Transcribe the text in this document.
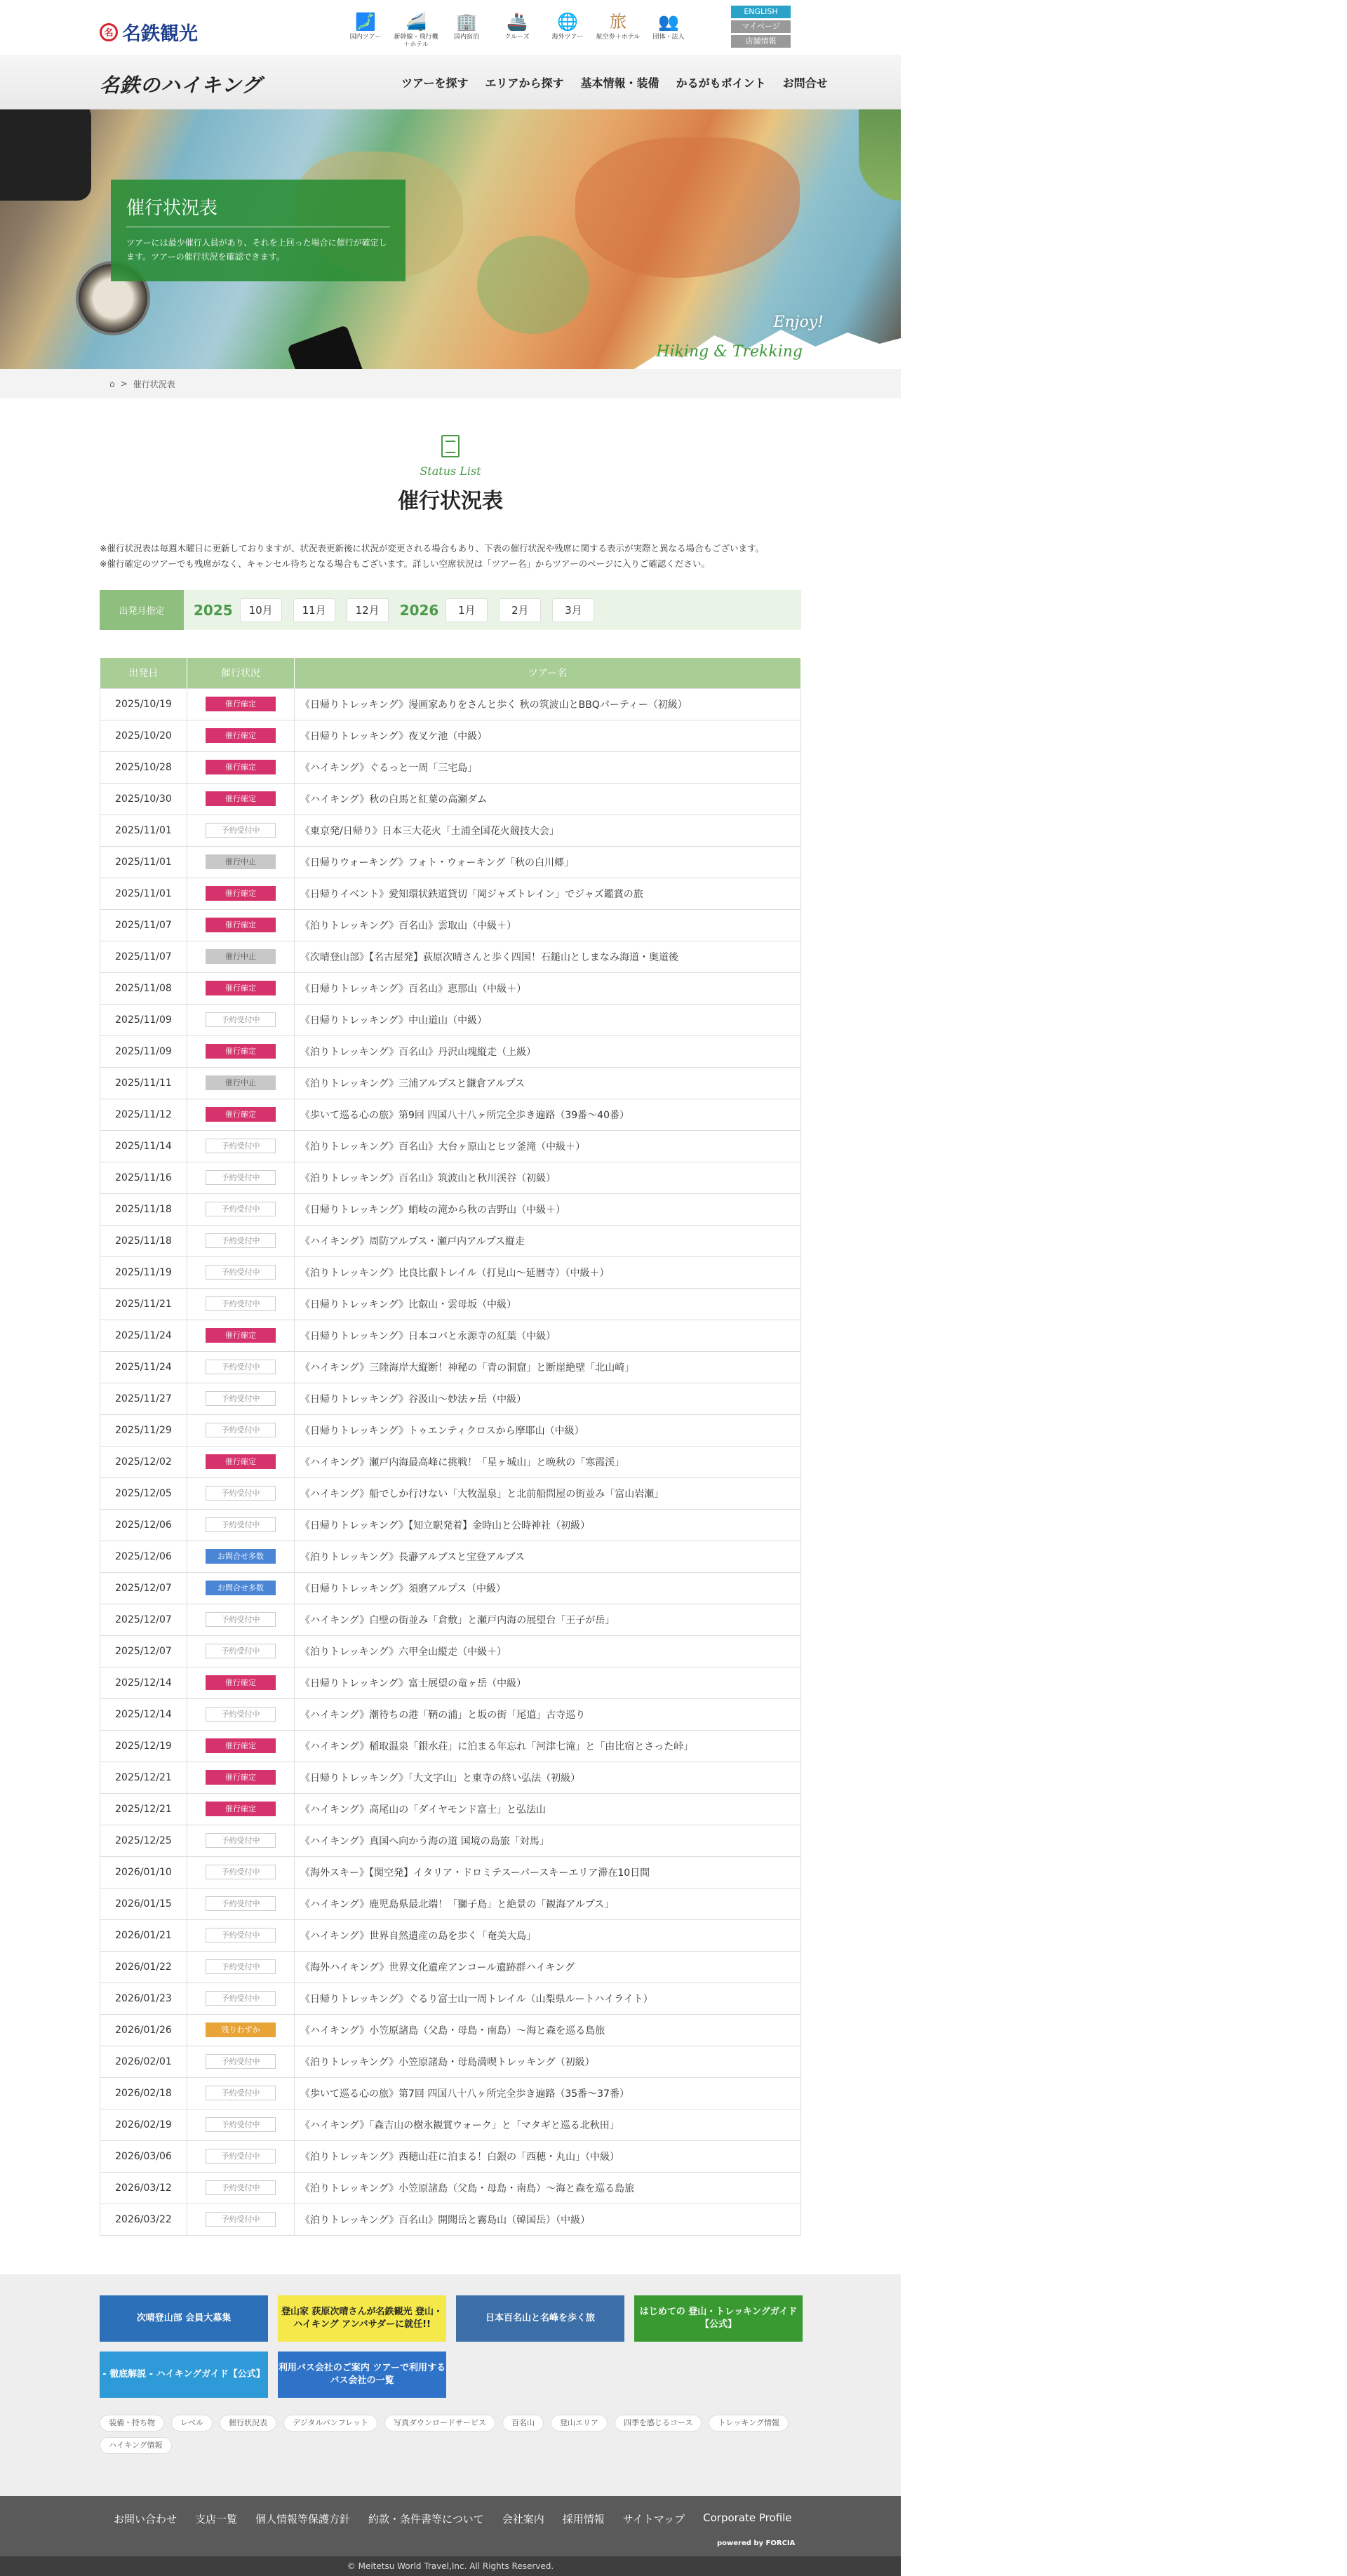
名 名鉄観光
🗾
国内ツアー
🚄
新幹線・飛行機＋ホテル
🏢
国内宿泊
🚢
クルーズ
🌐
海外ツアー
旅
航空券＋ホテル
👥
団体・法人
ENGLISH
マイページ
店舗情報
名鉄のハイキング	ツアーを探す エリアから探す 基本情報・装備 かるがもポイント お問合せ
催行状況表

ツアーには最少催行人員があり、それを上回った場合に催行が確定します。ツアーの催行状況を確認できます。

Enjoy!
Hiking & Trekking
⌂ > 催行状況表
Status List
催行状況表

※催行状況表は毎週木曜日に更新しておりますが、状況表更新後に状況が変更される場合もあり、下表の催行状況や残席に関する表示が実際と異なる場合もございます。

※催行確定のツアーでも残席がなく、キャンセル待ちとなる場合もございます。詳しい空席状況は「ツアー名」からツアーのページに入りご確認ください。

出発月指定	2025	10月	11月	12月	2026	1月	2月	3月
出発日	催行状況	ツアー名
2025/10/19	催行確定	《日帰りトレッキング》漫画家ありをさんと歩く 秋の筑波山とBBQパーティー（初級）
2025/10/20	催行確定	《日帰りトレッキング》夜叉ケ池（中級）
2025/10/28	催行確定	《ハイキング》ぐるっと一周「三宅島」
2025/10/30	催行確定	《ハイキング》秋の白馬と紅葉の高瀬ダム
2025/11/01	予約受付中	《東京発/日帰り》日本三大花火「土浦全国花火競技大会」
2025/11/01	催行中止	《日帰りウォーキング》フォト・ウォーキング「秋の白川郷」
2025/11/01	催行確定	《日帰りイベント》愛知環状鉄道貸切「岡ジャズトレイン」でジャズ鑑賞の旅
2025/11/07	催行確定	《泊りトレッキング》百名山》雲取山（中級＋）
2025/11/07	催行中止	《次晴登山部》【名古屋発】荻原次晴さんと歩く四国！石鎚山としまなみ海道・奥道後
2025/11/08	催行確定	《日帰りトレッキング》百名山》恵那山（中級＋）
2025/11/09	予約受付中	《日帰りトレッキング》中山道山（中級）
2025/11/09	催行確定	《泊りトレッキング》百名山》丹沢山塊縦走（上級）
2025/11/11	催行中止	《泊りトレッキング》三浦アルプスと鎌倉アルプス
2025/11/12	催行確定	《歩いて巡る心の旅》第9回 四国八十八ヶ所完全歩き遍路（39番～40番）
2025/11/14	予約受付中	《泊りトレッキング》百名山》大台ヶ原山とヒツ釜滝（中級＋）
2025/11/16	予約受付中	《泊りトレッキング》百名山》筑波山と秋川渓谷（初級）
2025/11/18	予約受付中	《日帰りトレッキング》蛸岐の滝から秋の吉野山（中級＋）
2025/11/18	予約受付中	《ハイキング》周防アルプス・瀬戸内アルプス縦走
2025/11/19	予約受付中	《泊りトレッキング》比良比叡トレイル（打見山～延暦寺）（中級＋）
2025/11/21	予約受付中	《日帰りトレッキング》比叡山・雲母坂（中級）
2025/11/24	催行確定	《日帰りトレッキング》日本コバと永源寺の紅葉（中級）
2025/11/24	予約受付中	《ハイキング》三陸海岸大縦断！神秘の「青の洞窟」と断崖絶壁「北山崎」
2025/11/27	予約受付中	《日帰りトレッキング》谷汲山～妙法ヶ岳（中級）
2025/11/29	予約受付中	《日帰りトレッキング》トゥエンティクロスから摩耶山（中級）
2025/12/02	催行確定	《ハイキング》瀬戸内海最高峰に挑戦！「星ヶ城山」と晩秋の「寒霞渓」
2025/12/05	予約受付中	《ハイキング》船でしか行けない「大牧温泉」と北前船問屋の街並み「富山岩瀬」
2025/12/06	予約受付中	《日帰りトレッキング》【知立駅発着】金時山と公時神社（初級）
2025/12/06	お問合せ多数	《泊りトレッキング》長瀞アルプスと宝登アルプス
2025/12/07	お問合せ多数	《日帰りトレッキング》須磨アルプス（中級）
2025/12/07	予約受付中	《ハイキング》白壁の街並み「倉敷」と瀬戸内海の展望台「王子が岳」
2025/12/07	予約受付中	《泊りトレッキング》六甲全山縦走（中級＋）
2025/12/14	催行確定	《日帰りトレッキング》富士展望の竜ヶ岳（中級）
2025/12/14	予約受付中	《ハイキング》潮待ちの港「鞆の浦」と坂の街「尾道」古寺巡り
2025/12/19	催行確定	《ハイキング》稲取温泉「銀水荘」に泊まる年忘れ「河津七滝」と「由比宿とさった峠」
2025/12/21	催行確定	《日帰りトレッキング》「大文字山」と東寺の終い弘法（初級）
2025/12/21	催行確定	《ハイキング》高尾山の「ダイヤモンド富士」と弘法山
2025/12/25	予約受付中	《ハイキング》真国へ向かう海の道 国境の島旅「対馬」
2026/01/10	予約受付中	《海外スキー》【関空発】イタリア・ドロミテスーパースキーエリア滞在10日間
2026/01/15	予約受付中	《ハイキング》鹿児島県最北端！「獅子島」と絶景の「観海アルプス」
2026/01/21	予約受付中	《ハイキング》世界自然遺産の島を歩く「奄美大島」
2026/01/22	予約受付中	《海外ハイキング》世界文化遺産アンコール遺跡群ハイキング
2026/01/23	予約受付中	《日帰りトレッキング》ぐるり富士山一周トレイル（山梨県ルートハイライト）
2026/01/26	残りわずか	《ハイキング》小笠原諸島（父島・母島・南島）～海と森を巡る島旅
2026/02/01	予約受付中	《泊りトレッキング》小笠原諸島・母島満喫トレッキング（初級）
2026/02/18	予約受付中	《歩いて巡る心の旅》第7回 四国八十八ヶ所完全歩き遍路（35番～37番）
2026/02/19	予約受付中	《ハイキング》「森吉山の樹氷観賞ウォーク」と「マタギと巡る北秋田」
2026/03/06	予約受付中	《泊りトレッキング》西穂山荘に泊まる！白銀の「西穂・丸山」（中級）
2026/03/12	予約受付中	《泊りトレッキング》小笠原諸島（父島・母島・南島）～海と森を巡る島旅
2026/03/22	予約受付中	《泊りトレッキング》百名山》開聞岳と霧島山（韓国岳）（中級）
次晴登山部 会員大募集
登山家 荻原次晴さんが名鉄観光 登山・ハイキング アンバサダーに就任!!
日本百名山と名峰を歩く旅
はじめての 登山・トレッキングガイド【公式】
- 徹底解説 - ハイキングガイド【公式】
利用バス会社のご案内 ツアーで利用するバス会社の一覧
装備・持ち物	レベル	催行状況表	デジタルパンフレット	写真ダウンロードサービス	百名山	登山エリア	四季を感じるコース	トレッキング情報
ハイキング情報
お問い合わせ 支店一覧 個人情報等保護方針 約款・条件書等について 会社案内 採用情報 サイトマップ Corporate Profile
powered by FORCIA
© Meitetsu World Travel,Inc. All Rights Reserved.
